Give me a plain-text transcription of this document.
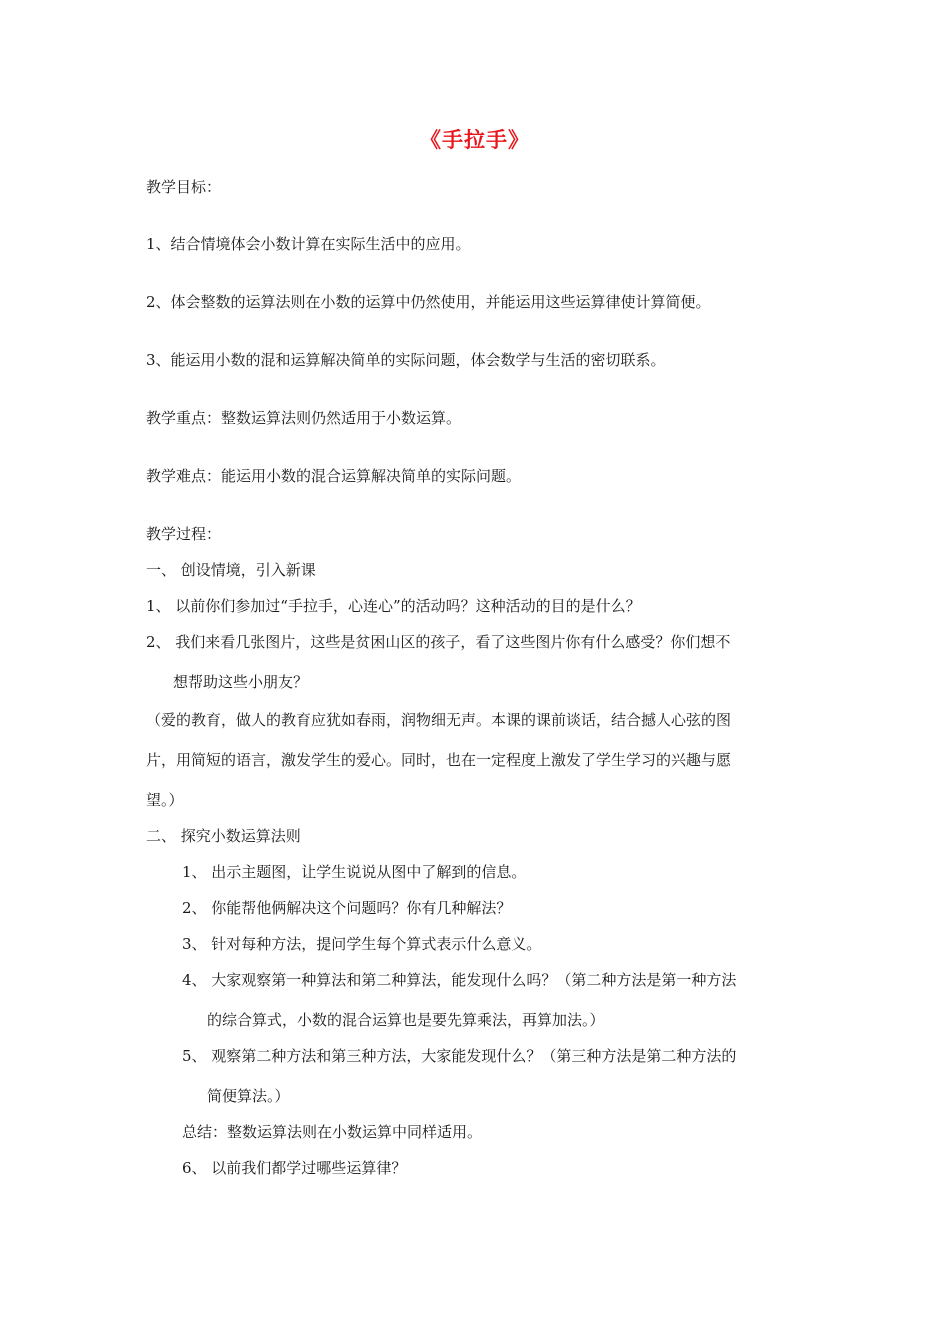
《手拉手》
教学目标：
1、结合情境体会小数计算在实际生活中的应用。
2、体会整数的运算法则在小数的运算中仍然使用，并能运用这些运算律使计算简便。
3、能运用小数的混和运算解决简单的实际问题，体会数学与生活的密切联系。
教学重点：整数运算法则仍然适用于小数运算。
教学难点：能运用小数的混合运算解决简单的实际问题。
教学过程：
一、 创设情境，引入新课
1、 以前你们参加过“手拉手，心连心”的活动吗？这种活动的目的是什么？
2、 我们来看几张图片，这些是贫困山区的孩子，看了这些图片你有什么感受？你们想不
想帮助这些小朋友？
（爱的教育，做人的教育应犹如春雨，润物细无声。本课的课前谈话，结合撼人心弦的图
片，用简短的语言，激发学生的爱心。同时，也在一定程度上激发了学生学习的兴趣与愿
望。）
二、 探究小数运算法则
1、 出示主题图，让学生说说从图中了解到的信息。
2、 你能帮他俩解决这个问题吗？你有几种解法？
3、 针对每种方法，提问学生每个算式表示什么意义。
4、 大家观察第一种算法和第二种算法，能发现什么吗？（第二种方法是第一种方法
的综合算式，小数的混合运算也是要先算乘法，再算加法。）
5、 观察第二种方法和第三种方法，大家能发现什么？（第三种方法是第二种方法的
简便算法。）
总结：整数运算法则在小数运算中同样适用。
6、 以前我们都学过哪些运算律？
